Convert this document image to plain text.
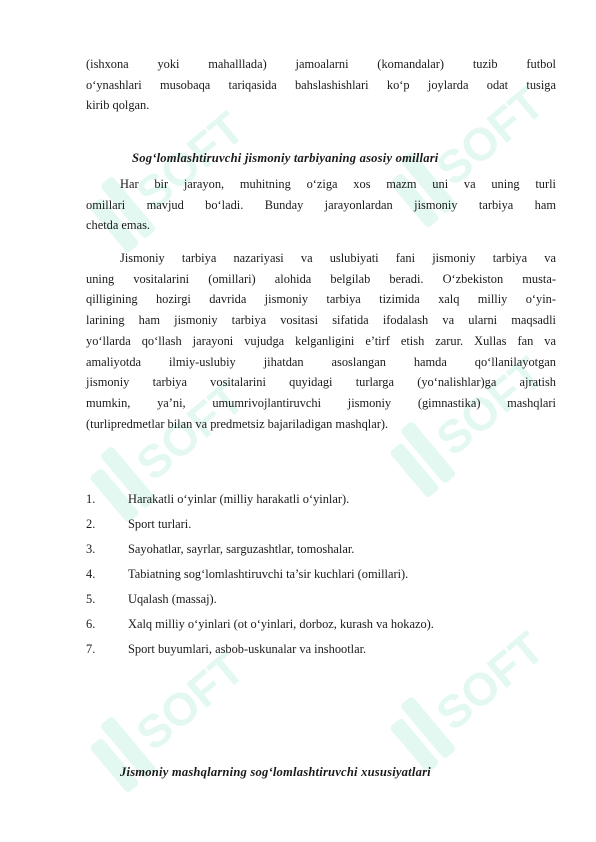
SOFT	SOFT
SOFT	SOFT
SOFT	SOFT
(ishxona yoki mahalllada) jamoalarni (komandalar) tuzib futbol
o‘ynashlari musobaqa tariqasida bahslashishlari ko‘p joylarda odat tusiga
kirib qolgan.
Sog‘lomlashtiruvchi jismoniy tarbiyaning asosiy omillari
Har bir jarayon, muhitning o‘ziga xos mazm uni va uning turli
omillari mavjud bo‘ladi. Bunday jarayonlardan jismoniy tarbiya ham
chetda emas.
Jismoniy tarbiya nazariyasi va uslubiyati fani jismoniy tarbiya va
uning vositalarini (omillari) alohida belgilab beradi. O‘zbekiston musta-
qilligining hozirgi davrida jismoniy tarbiya tizimida xalq milliy o‘yin-
larining ham jismoniy tarbiya vositasi sifatida ifodalash va ularni maqsadli
yo‘llarda qo‘llash jarayoni vujudga kelganligini e’tirf etish zarur. Xullas fan va
amaliyotda ilmiy-uslubiy jihatdan asoslangan hamda qo‘llanilayotgan
jismoniy tarbiya vositalarini quyidagi turlarga (yo‘nalishlar)ga ajratish
mumkin, ya’ni, umumrivojlantiruvchi jismoniy (gimnastika) mashqlari
(turlipredmetlar bilan va predmetsiz bajariladigan mashqlar).
1.	Harakatli o‘yinlar (milliy harakatli o‘yinlar).
2.	Sport turlari.
3.	Sayohatlar, sayrlar, sarguzashtlar, tomoshalar.
4.	Tabiatning sog‘lomlashtiruvchi ta’sir kuchlari (omillari).
5.	Uqalash (massaj).
6.	Xalq milliy o‘yinlari (ot o‘yinlari, dorboz, kurash va hokazo).
7.	Sport buyumlari, asbob-uskunalar va inshootlar.
Jismoniy mashqlarning sog‘lomlashtiruvchi xususiyatlari
